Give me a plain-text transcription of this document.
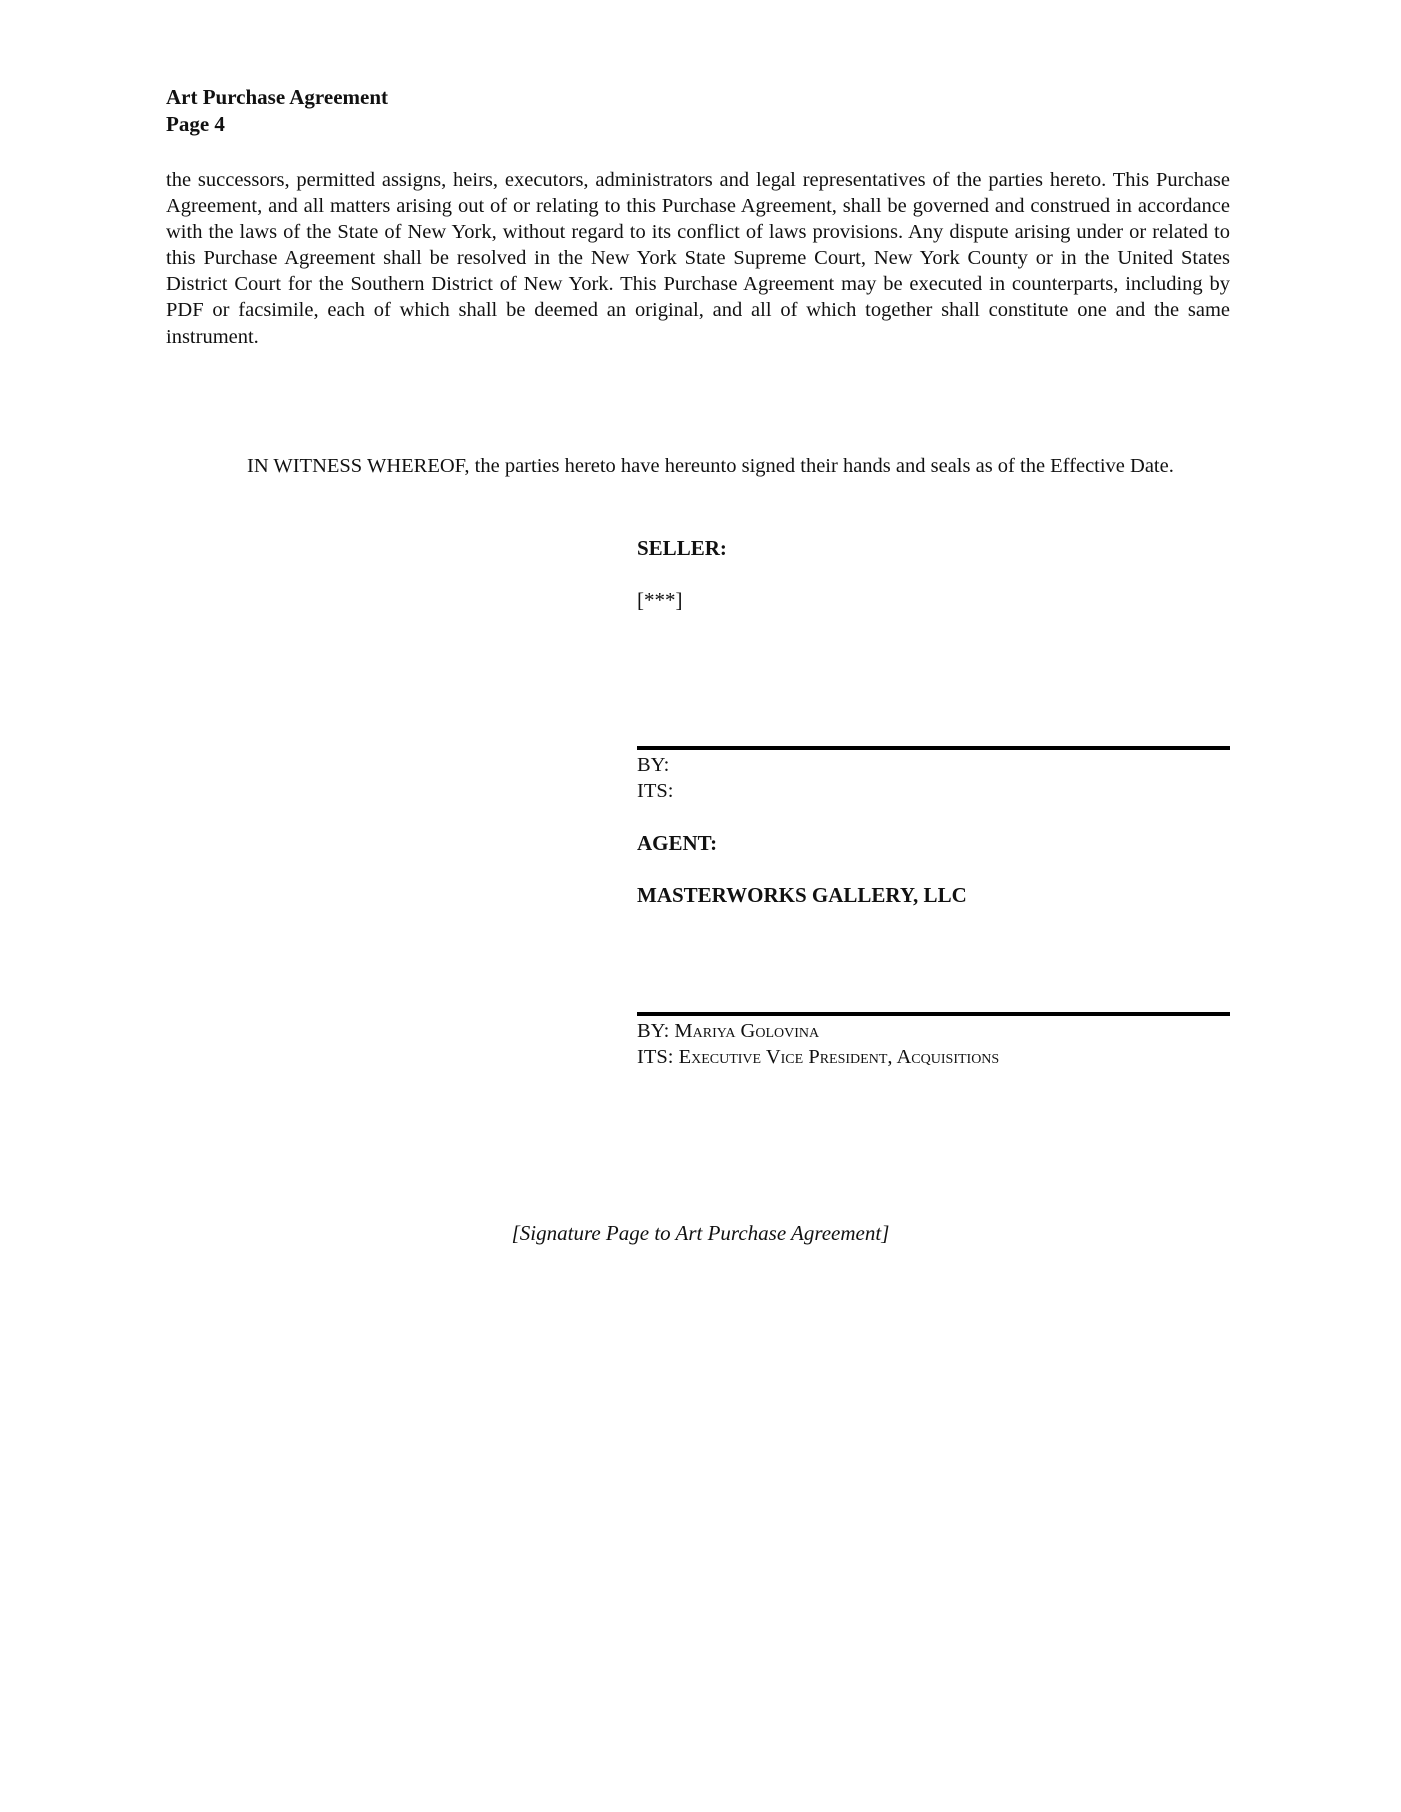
Art Purchase Agreement
Page 4

the successors, permitted assigns, heirs, executors, administrators and legal representatives of the parties hereto. This Purchase Agreement, and all matters arising out of or relating to this Purchase Agreement, shall be governed and construed in accordance with the laws of the State of New York, without regard to its conflict of laws provisions. Any dispute arising under or related to this Purchase Agreement shall be resolved in the New York State Supreme Court, New York County or in the United States District Court for the Southern District of New York. This Purchase Agreement may be executed in counterparts, including by PDF or facsimile, each of which shall be deemed an original, and all of which together shall constitute one and the same instrument.

IN WITNESS WHEREOF, the parties hereto have hereunto signed their hands and seals as of the Effective Date.

SELLER:
[***]
BY:
ITS:
AGENT:
MASTERWORKS GALLERY, LLC
BY: Mariya Golovina
ITS: Executive Vice President, Acquisitions
[Signature Page to Art Purchase Agreement]
